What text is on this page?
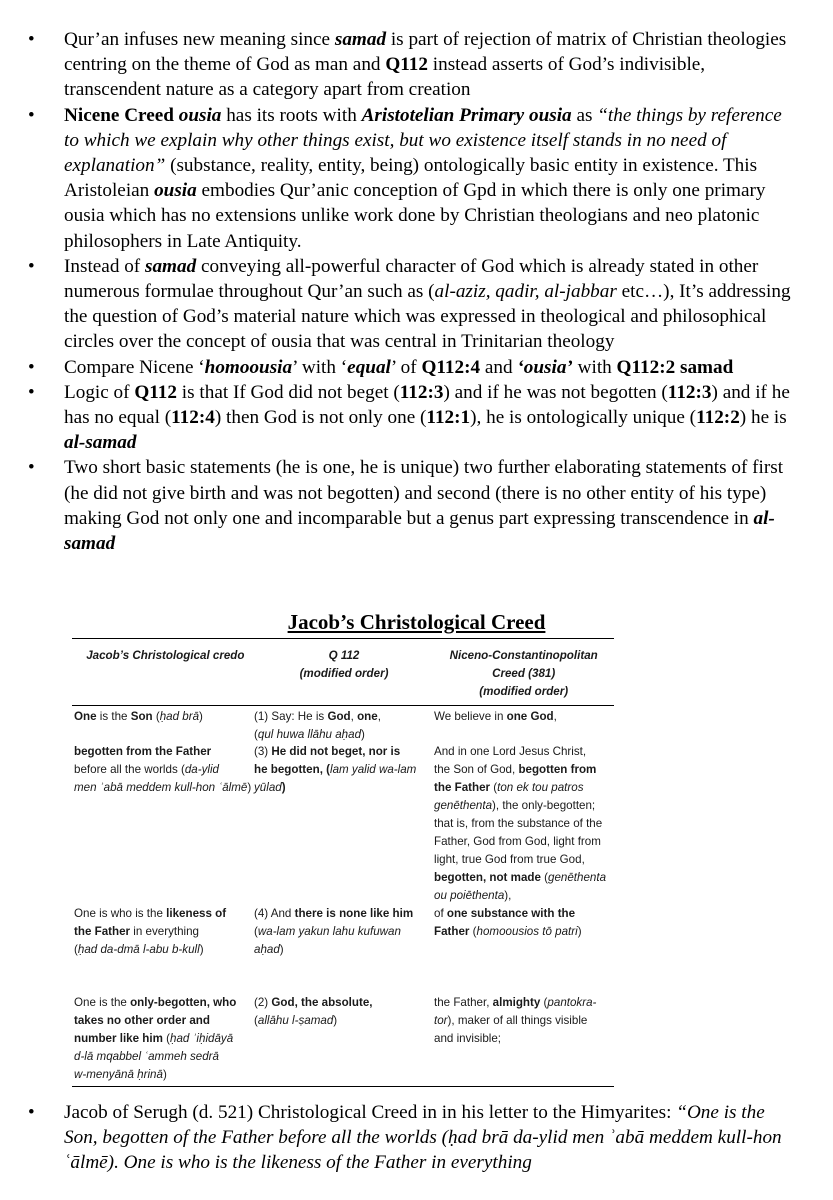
• Qur’an infuses new meaning since samad is part of rejection of matrix of Christian theologies centring on the theme of God as man and Q112 instead asserts of God’s indivisible, transcendent nature as a category apart from creation
• Nicene Creed ousia has its roots with Aristotelian Primary ousia as “the things by reference to which we explain why other things exist, but wo existence itself stands in no need of explanation” (substance, reality, entity, being) ontologically basic entity in existence. This Aristoleian ousia embodies Qur’anic conception of Gpd in which there is only one primary ousia which has no extensions unlike work done by Christian theologians and neo platonic philosophers in Late Antiquity.
• Instead of samad conveying all-powerful character of God which is already stated in other numerous formulae throughout Qur’an such as (al-aziz, qadir, al-jabbar etc…), It’s addressing the question of God’s material nature which was expressed in theological and philosophical circles over the concept of ousia that was central in Trinitarian theology
• Compare Nicene ‘homoousia’ with ‘equal’ of Q112:4 and ‘ousia’ with Q112:2 samad
• Logic of Q112 is that If God did not beget (112:3) and if he was not begotten (112:3) and if he has no equal (112:4) then God is not only one (112:1), he is ontologically unique (112:2) he is al-samad
• Two short basic statements (he is one, he is unique) two further elaborating statements of first (he did not give birth and was not begotten) and second (there is no other entity of his type) making God not only one and incomparable but a genus part expressing transcendence in al-samad
Jacob’s Christological Creed
Jacob’s Christological credo	Q 112
(modified order)
Niceno-Constantinopolitan
Creed (381)
(modified order)

One is the Son (ḥad brā)	(1) Say: He is God, one,

(qul huwa llāhu aḥad)

We believe in one God,

begotten from the Father

before all the worlds (da-ylid

men ʾabā meddem kull-hon ʿālmē)

(3) He did not beget, nor is

he begotten, (lam yalid wa-lam

yūlad)

And in one Lord Jesus Christ,

the Son of God, begotten from

the Father (ton ek tou patros

genēthenta), the only-begotten;

that is, from the substance of the

Father, God from God, light from

light, true God from true God,

begotten, not made (genēthenta

ou poiēthenta),

One is who is the likeness of

the Father in everything

(ḥad da-dmā l-abu b-kull)

(4) And there is none like him

(wa-lam yakun lahu kufuwan

aḥad)

of one substance with the

Father (homoousios tō patri)

One is the only-begotten, who

takes no other order and

number like him (ḥad ʾiḥidāyā

d-lā mqabbel ʿammeh sedrā

w-menyānā ḥrinā)

(2) God, the absolute,

(allāhu l-ṣamad)

the Father, almighty (pantokra-

tor), maker of all things visible

and invisible;

• Jacob of Serugh (d. 521) Christological Creed in in his letter to the Himyarites: “One is the Son, begotten of the Father before all the worlds (ḥad brā da-ylid men ʾabā meddem kull-hon ʿālmē). One is who is the likeness of the Father in everything
